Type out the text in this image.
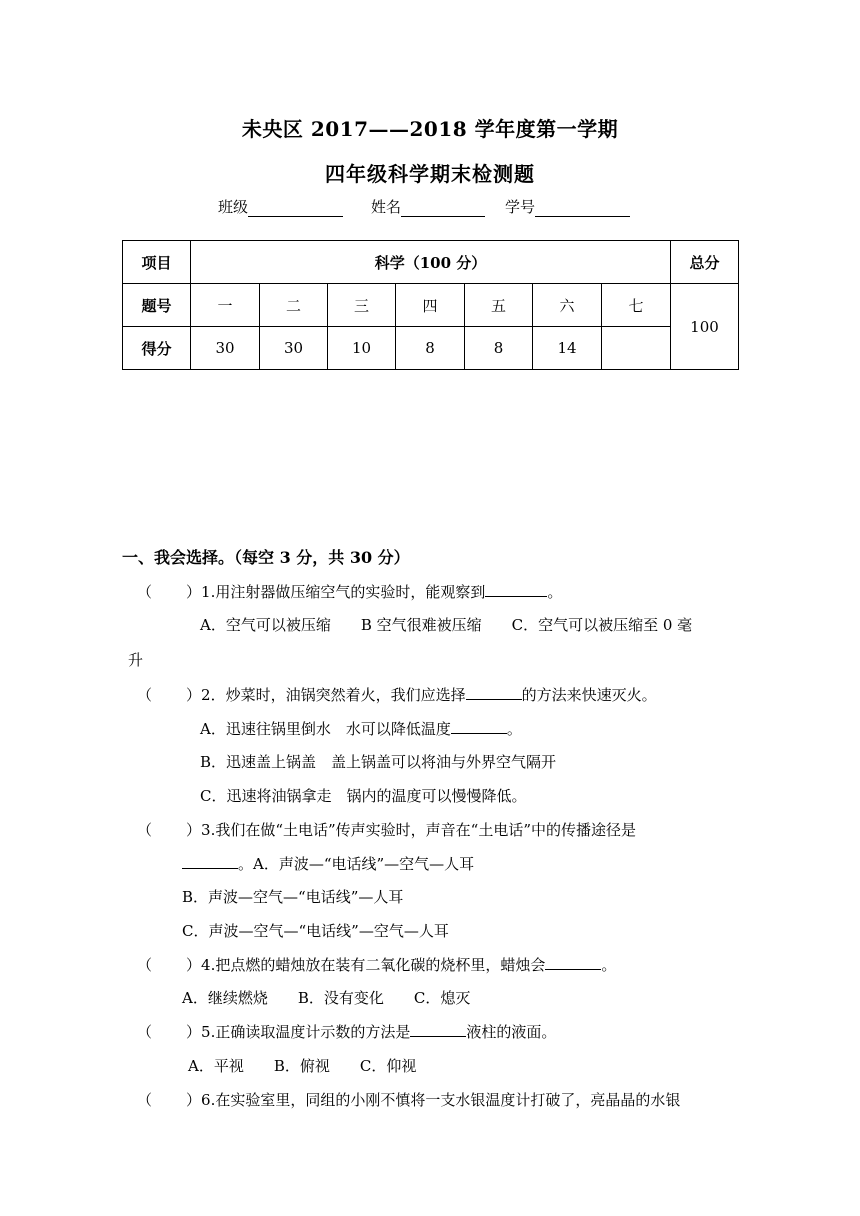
未央区 2017——2018 学年度第一学期
四年级科学期末检测题
班级	姓名	学号
项目	科学（100 分）							总分
题号	一	二	三	四	五	六	七	100
得分	30	30	10	8	8	14		
一、我会选择。（每空 3 分，共 30 分）
（ ）1.用注射器做压缩空气的实验时，能观察到	。
A．空气可以被压缩　　B 空气很难被压缩　　C．空气可以被压缩至 0 毫
升
（ ）2．炒菜时，油锅突然着火，我们应选择	的方法来快速灭火。
A．迅速往锅里倒水　水可以降低温度	。
B．迅速盖上锅盖　盖上锅盖可以将油与外界空气隔开
C．迅速将油锅拿走　锅内的温度可以慢慢降低。
（ ）3.我们在做“土电话”传声实验时，声音在“土电话”中的传播途径是
。A．声波—“电话线”—空气—人耳
B．声波—空气—“电话线”—人耳
C．声波—空气—“电话线”—空气—人耳
（ ）4.把点燃的蜡烛放在装有二氧化碳的烧杯里，蜡烛会	。
A．继续燃烧　　B．没有变化　　C．熄灭
（ ）5.正确读取温度计示数的方法是	液柱的液面。
A．平视　　B．俯视　　C．仰视
（ ）6.在实验室里，同组的小刚不慎将一支水银温度计打破了，亮晶晶的水银
